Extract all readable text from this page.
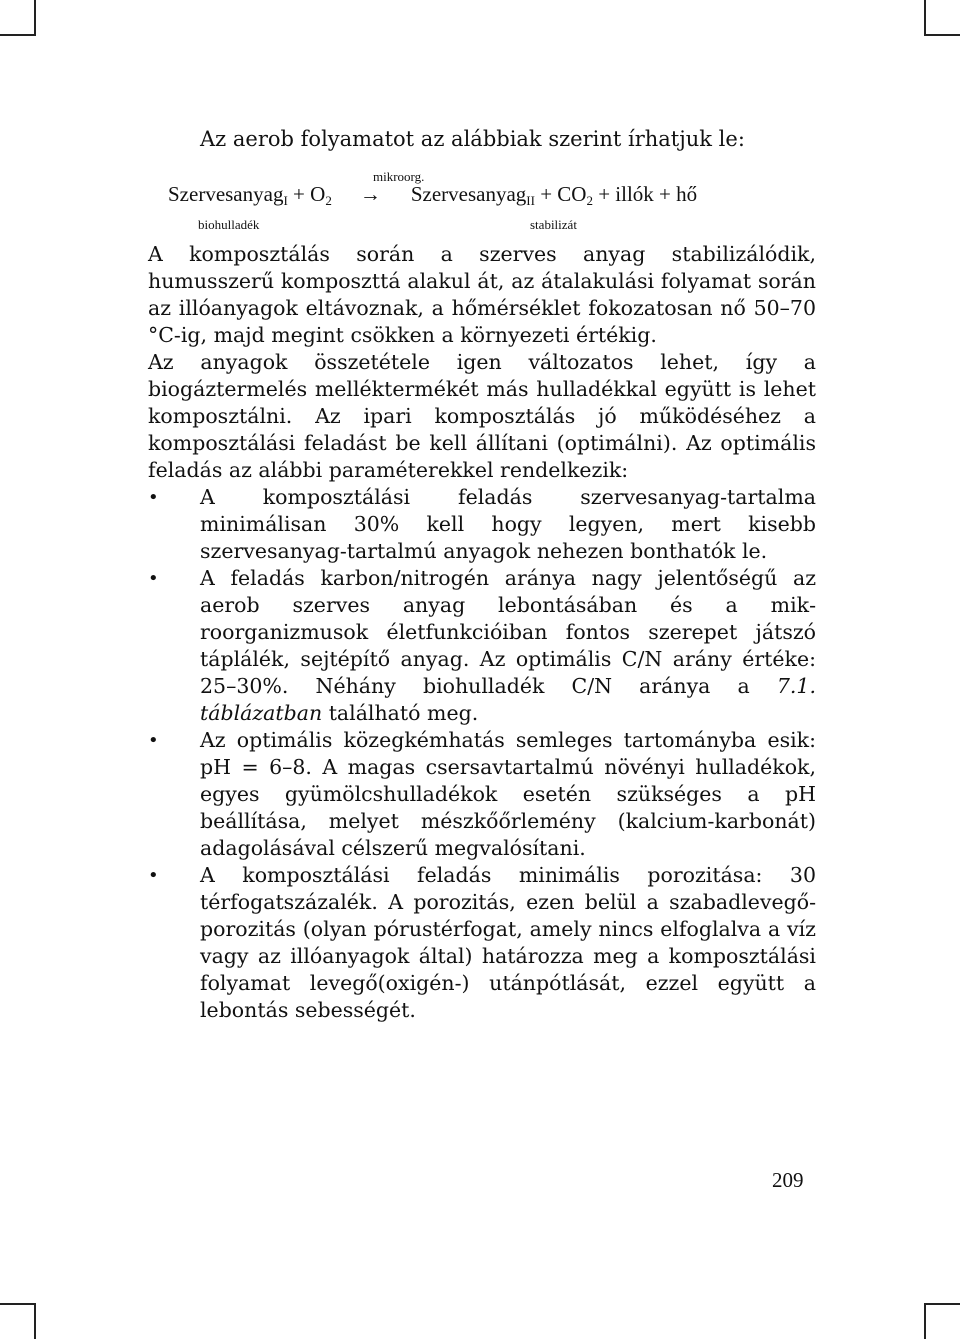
Az aerob folyamatot az alábbiak szerint írhatjuk le:

mikroorg.
Szervesanyag$_I$ + $O_2$ → Szervesanyag$_{II}$ + $CO_2$ + illók + hő
biohulladék	stabilizát

A komposztálás során a szerves anyag stabilizálódik, humusszerű komposzttá alakul át, az átalakulási folyamat során az illóanyagok eltávoznak, a hőmérséklet fokozatosan nő 50–70 °C-ig, majd megint csökken a környezeti értékig.

Az anyagok összetétele igen változatos lehet, így a biogáztermelés melléktermékét más hulladékkal együtt is lehet komposztálni. Az ipari komposztálás jó működéséhez a komposztálási feladást be kell állítani (optimálni). Az optimális feladás az alábbi paraméterekkel rendelkezik:

• A komposztálási feladás szervesanyag-tartalma minimálisan 30% kell hogy legyen, mert kisebb szervesanyag-tartalmú anyagok nehezen bonthatók le.
• A feladás karbon/nitrogén aránya nagy jelentőségű az aerob szerves anyag lebontásában és a mikroorganizmusok életfunkcióiban fontos szerepet játszó táplálék, sejtépítő anyag. Az optimális C/N arány értéke: 25–30%. Néhány biohulladék C/N aránya a 7.1. táblázatban található meg.
• Az optimális közegkémhatás semleges tartományba esik: pH = 6–8. A magas csersavtartalmú növényi hulladékok, egyes gyümölcshulladékok esetén szükséges a pH beállítása, melyet mészkőőrlemény (kalcium-karbonát) adagolásával célszerű megvalósítani.
• A komposztálási feladás minimális porozitása: 30 térfogatszázalék. A porozitás, ezen belül a szabadlevegő-porozitás (olyan pórustérfogat, amely nincs elfoglalva a víz vagy az illóanyagok által) határozza meg a komposztálási folyamat levegő(oxigén-) utánpótlását, ezzel együtt a lebontás sebességét.
209
